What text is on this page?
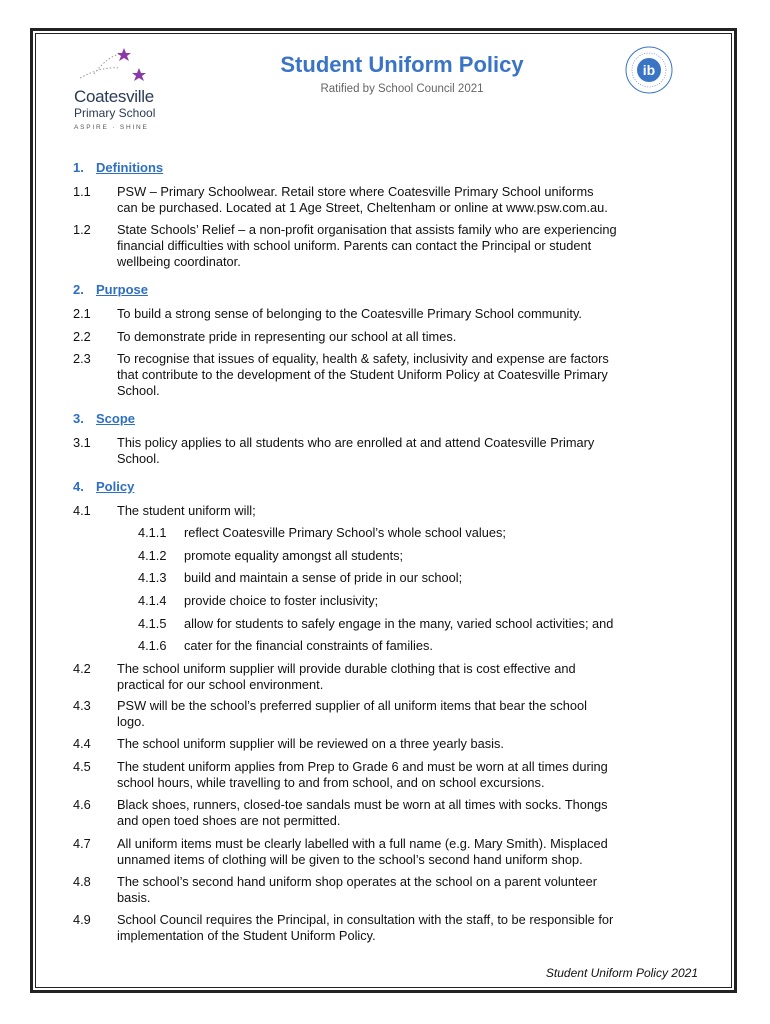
Coatesville
Primary School
ASPIRE · SHINE
Student Uniform Policy
Ratified by School Council 2021
ib
1. Definitions
1.1 PSW – Primary Schoolwear. Retail store where Coatesville Primary School uniforms
can be purchased. Located at 1 Age Street, Cheltenham or online at www.psw.com.au.
1.2 State Schools’ Relief – a non-profit organisation that assists family who are experiencing
financial difficulties with school uniform. Parents can contact the Principal or student
wellbeing coordinator.
2. Purpose
2.1 To build a strong sense of belonging to the Coatesville Primary School community.
2.2 To demonstrate pride in representing our school at all times.
2.3 To recognise that issues of equality, health & safety, inclusivity and expense are factors
that contribute to the development of the Student Uniform Policy at Coatesville Primary
School.
3. Scope
3.1 This policy applies to all students who are enrolled at and attend Coatesville Primary
School.
4. Policy
4.1 The student uniform will;
4.2 The school uniform supplier will provide durable clothing that is cost effective and
practical for our school environment.
4.3 PSW will be the school’s preferred supplier of all uniform items that bear the school
logo.
4.4 The school uniform supplier will be reviewed on a three yearly basis.
4.5 The student uniform applies from Prep to Grade 6 and must be worn at all times during
school hours, while travelling to and from school, and on school excursions.
4.6 Black shoes, runners, closed-toe sandals must be worn at all times with socks. Thongs
and open toed shoes are not permitted.
4.7 All uniform items must be clearly labelled with a full name (e.g. Mary Smith). Misplaced
unnamed items of clothing will be given to the school’s second hand uniform shop.
4.8 The school’s second hand uniform shop operates at the school on a parent volunteer
basis.
4.9 School Council requires the Principal, in consultation with the staff, to be responsible for
implementation of the Student Uniform Policy.
4.1.1 reflect Coatesville Primary School’s whole school values;
4.1.2 promote equality amongst all students;
4.1.3 build and maintain a sense of pride in our school;
4.1.4 provide choice to foster inclusivity;
4.1.5 allow for students to safely engage in the many, varied school activities; and
4.1.6 cater for the financial constraints of families.
Student Uniform Policy 2021
